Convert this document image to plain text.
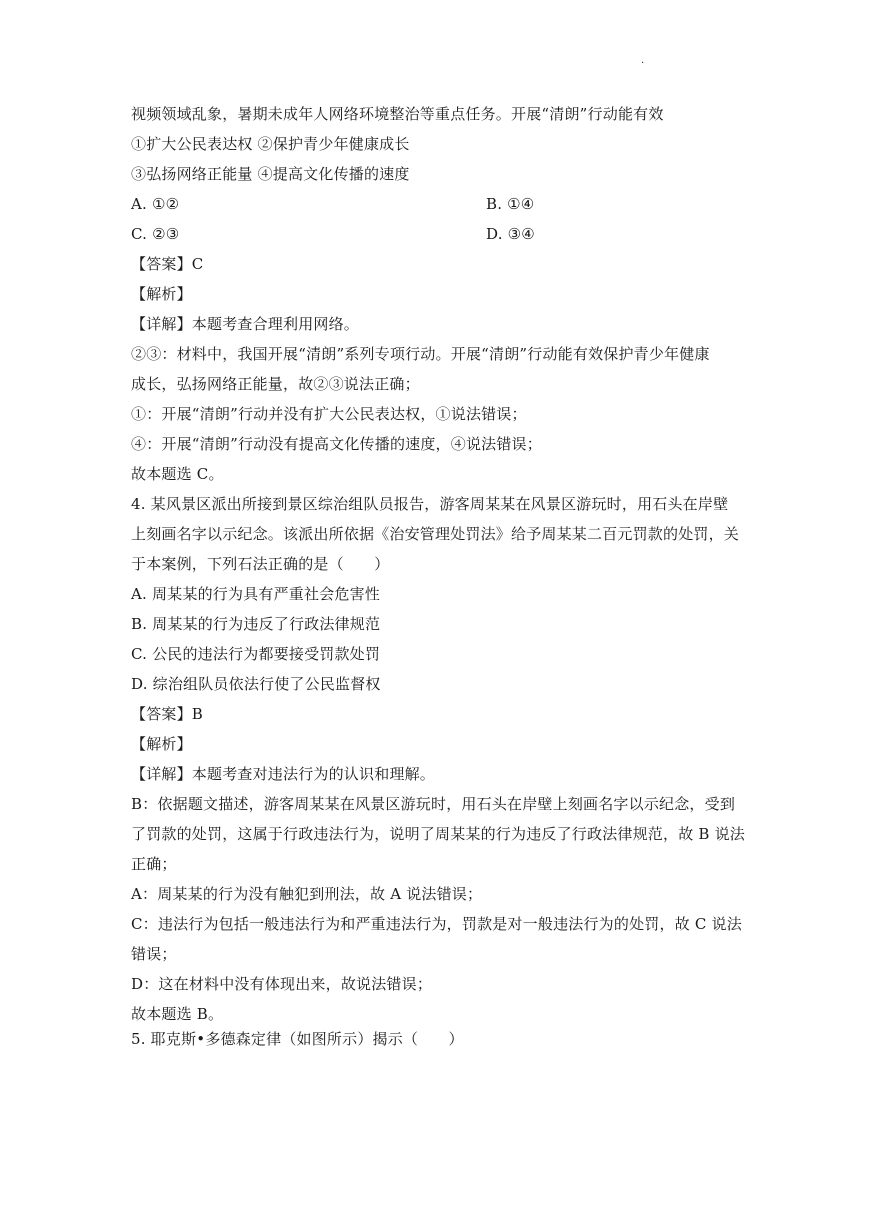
.
视频领域乱象，暑期未成年人网络环境整治等重点任务。开展“清朗”行动能有效
①扩大公民表达权 ②保护青少年健康成长
③弘扬网络正能量 ④提高文化传播的速度
A. ①②	B. ①④
C. ②③	D. ③④
【答案】C
【解析】
【详解】本题考查合理利用网络。
②③：材料中，我国开展“清朗”系列专项行动。开展“清朗”行动能有效保护青少年健康
成长，弘扬网络正能量，故②③说法正确；
①：开展“清朗”行动并没有扩大公民表达权，①说法错误；
④：开展“清朗”行动没有提高文化传播的速度，④说法错误；
故本题选 C。
4. 某风景区派出所接到景区综治组队员报告，游客周某某在风景区游玩时，用石头在岸壁
上刻画名字以示纪念。该派出所依据《治安管理处罚法》给予周某某二百元罚款的处罚，关
于本案例，下列石法正确的是（　　）
A. 周某某的行为具有严重社会危害性
B. 周某某的行为违反了行政法律规范
C. 公民的违法行为都要接受罚款处罚
D. 综治组队员依法行使了公民监督权
【答案】B
【解析】
【详解】本题考查对违法行为的认识和理解。
B：依据题文描述，游客周某某在风景区游玩时，用石头在岸壁上刻画名字以示纪念，受到
了罚款的处罚，这属于行政违法行为，说明了周某某的行为违反了行政法律规范，故 B 说法
正确；
A：周某某的行为没有触犯到刑法，故 A 说法错误；
C：违法行为包括一般违法行为和严重违法行为，罚款是对一般违法行为的处罚，故 C 说法
错误；
D：这在材料中没有体现出来，故说法错误；
故本题选 B。
5. 耶克斯•多德森定律（如图所示）揭示（　　）
